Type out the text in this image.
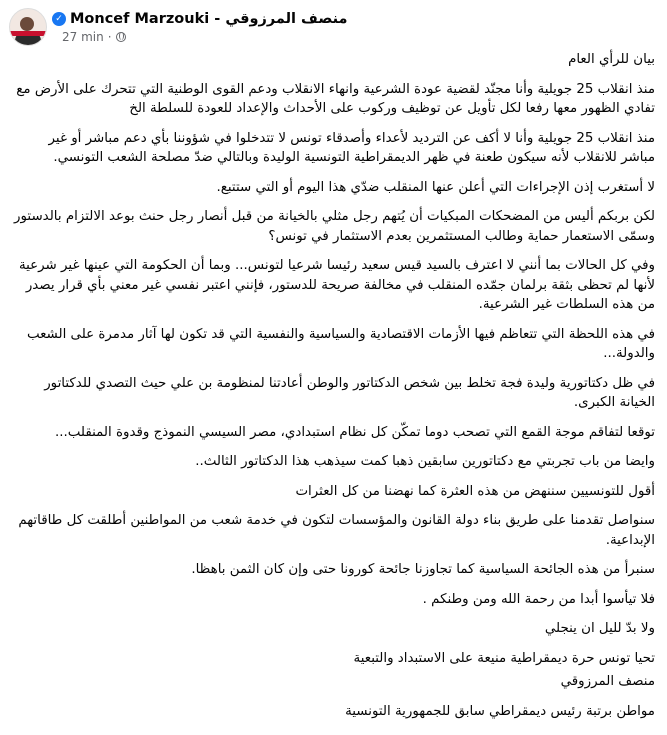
✓ Moncef Marzouki - منصف المرزوقي
27 min ·

بيان للرأي العام

منذ انقلاب 25 جويلية وأنا مجنّد لقضية عودة الشرعية وانهاء الانقلاب ودعم القوى الوطنية التي تتحرك على الأرض مع تفادي الظهور معها رفعا لكل تأويل عن توظيف وركوب على الأحداث والإعداد للعودة للسلطة الخ

منذ انقلاب 25 جويلية وأنا لا أكف عن الترديد لأعداء وأصدقاء تونس لا تتدخلوا في شؤوننا بأي دعم مباشر أو غير مباشر للانقلاب لأنه سيكون طعنة في ظهر الديمقراطية التونسية الوليدة وبالتالي ضدّ مصلحة الشعب التونسي.

لا أستغرب إذن الإجراءات التي أعلن عنها المنقلب ضدّي هذا اليوم أو التي ستتبع.

لكن بربكم أليس من المضحكات المبكيات أن يُتهم رجل مثلي بالخيانة من قبل أنصار رجل حنث بوعد الالتزام بالدستور وسمّى الاستعمار حماية وطالب المستثمرين بعدم الاستثمار في تونس؟

وفي كل الحالات بما أنني لا اعترف بالسيد قيس سعيد رئيسا شرعيا لتونس... وبما أن الحكومة التي عينها غير شرعية لأنها لم تحظى بثقة برلمان جمّده المنقلب في مخالفة صريحة للدستور، فإنني اعتبر نفسي غير معني بأي قرار يصدر من هذه السلطات غير الشرعية.

في هذه اللحظة التي تتعاظم فيها الأزمات الاقتصادية والسياسية والنفسية التي قد تكون لها آثار مدمرة على الشعب والدولة...

في ظل دكتاتورية وليدة فجة تخلط بين شخص الدكتاتور والوطن أعادتنا لمنظومة بن علي حيث التصدي للدكتاتور الخيانة الكبرى.

توقعا لتفاقم موجة القمع التي تصحب دوما تمكّن كل نظام استبدادي، مصر السيسي النموذج وقدوة المنقلب...

وايضا من باب تجربتي مع دكتاتورين سابقين ذهبا كمت سيذهب هذا الدكتاتور الثالث..

أقول للتونسيين سننهض من هذه العثرة كما نهضنا من كل العثرات

سنواصل تقدمنا على طريق بناء دولة القانون والمؤسسات لتكون في خدمة شعب من المواطنين أطلقت كل طاقاتهم الإبداعية.

سنبرأ من هذه الجائحة السياسية كما تجاوزنا جائحة كورونا حتى وإن كان الثمن باهظا.

فلا تيأسوا أبدا من رحمة الله ومن وطنكم .

ولا بدّ لليل ان ينجلي

تحيا تونس حرة ديمقراطية منيعة على الاستبداد والتبعية

منصف المرزوقي

مواطن برتبة رئيس ديمقراطي سابق للجمهورية التونسية
